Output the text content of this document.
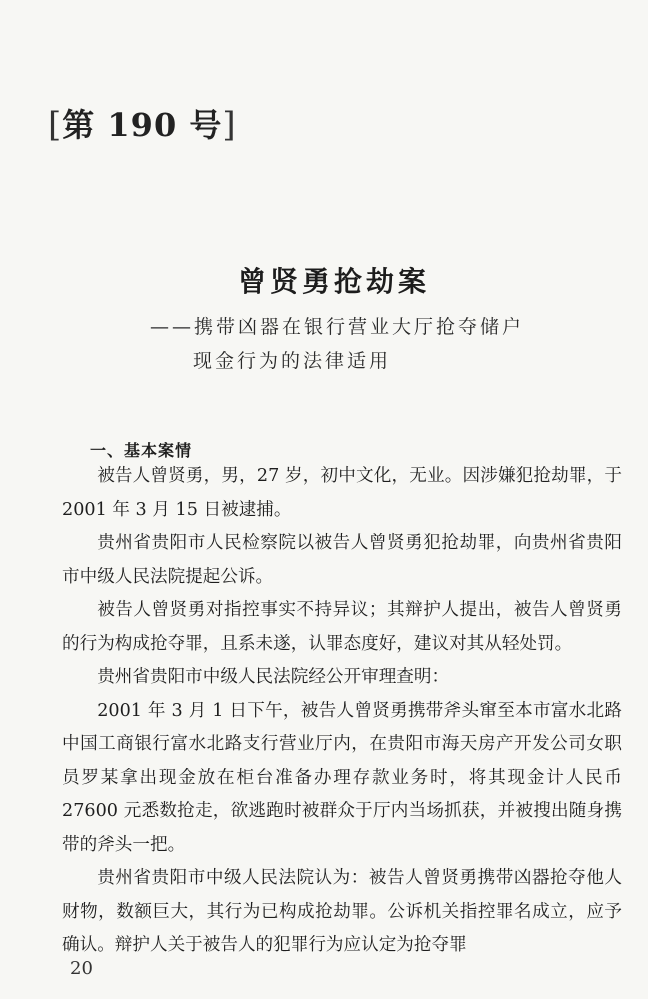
[第 190 号]
曾贤勇抢劫案
——携带凶器在银行营业大厅抢夺储户
现金行为的法律适用
一、基本案情

被告人曾贤勇，男，27 岁，初中文化，无业。因涉嫌犯抢劫罪，于 2001 年 3 月 15 日被逮捕。

贵州省贵阳市人民检察院以被告人曾贤勇犯抢劫罪，向贵州省贵阳市中级人民法院提起公诉。

被告人曾贤勇对指控事实不持异议；其辩护人提出，被告人曾贤勇的行为构成抢夺罪，且系未遂，认罪态度好，建议对其从轻处罚。

贵州省贵阳市中级人民法院经公开审理查明：

2001 年 3 月 1 日下午，被告人曾贤勇携带斧头窜至本市富水北路中国工商银行富水北路支行营业厅内，在贵阳市海天房产开发公司女职员罗某拿出现金放在柜台准备办理存款业务时，将其现金计人民币 27600 元悉数抢走，欲逃跑时被群众于厅内当场抓获，并被搜出随身携带的斧头一把。

贵州省贵阳市中级人民法院认为：被告人曾贤勇携带凶器抢夺他人财物，数额巨大，其行为已构成抢劫罪。公诉机关指控罪名成立，应予确认。辩护人关于被告人的犯罪行为应认定为抢夺罪

20
